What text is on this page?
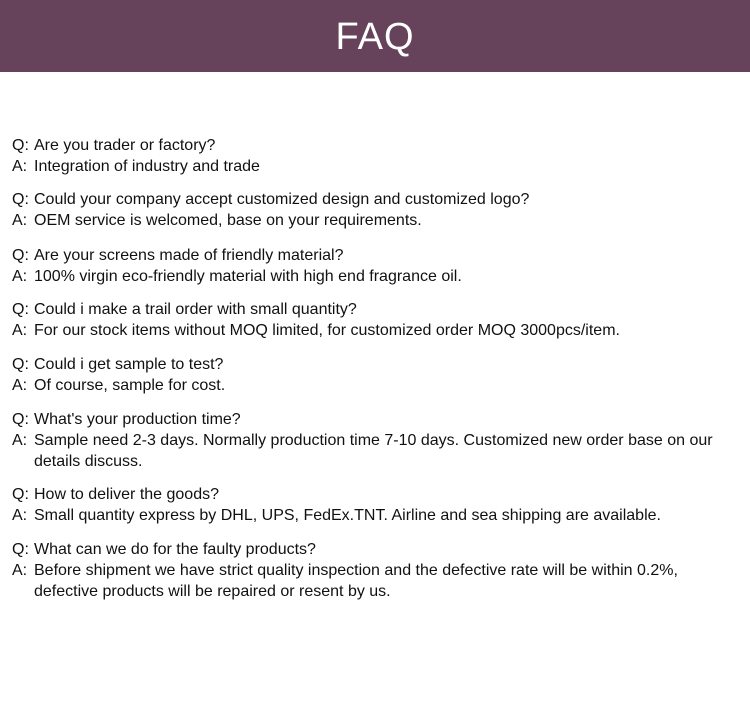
FAQ
Q: Are you trader or factory?
A: Integration of industry and trade
Q: Could your company accept customized design and customized logo?
A: OEM service is welcomed, base on your requirements.
Q: Are your screens made of friendly material?
A: 100% virgin eco-friendly material with high end fragrance oil.
Q: Could i make a trail order with small quantity?
A: For our stock items without MOQ limited, for customized order MOQ 3000pcs/item.
Q: Could i get sample to test?
A: Of course, sample for cost.
Q: What's your production time?
A: Sample need 2-3 days. Normally production time 7-10 days. Customized new order base on our details discuss.
Q: How to deliver the goods?
A: Small quantity express by DHL, UPS, FedEx.TNT. Airline and sea shipping are available.
Q: What can we do for the faulty products?
A: Before shipment we have strict quality inspection and the defective rate will be within 0.2%, defective products will be repaired or resent by us.
